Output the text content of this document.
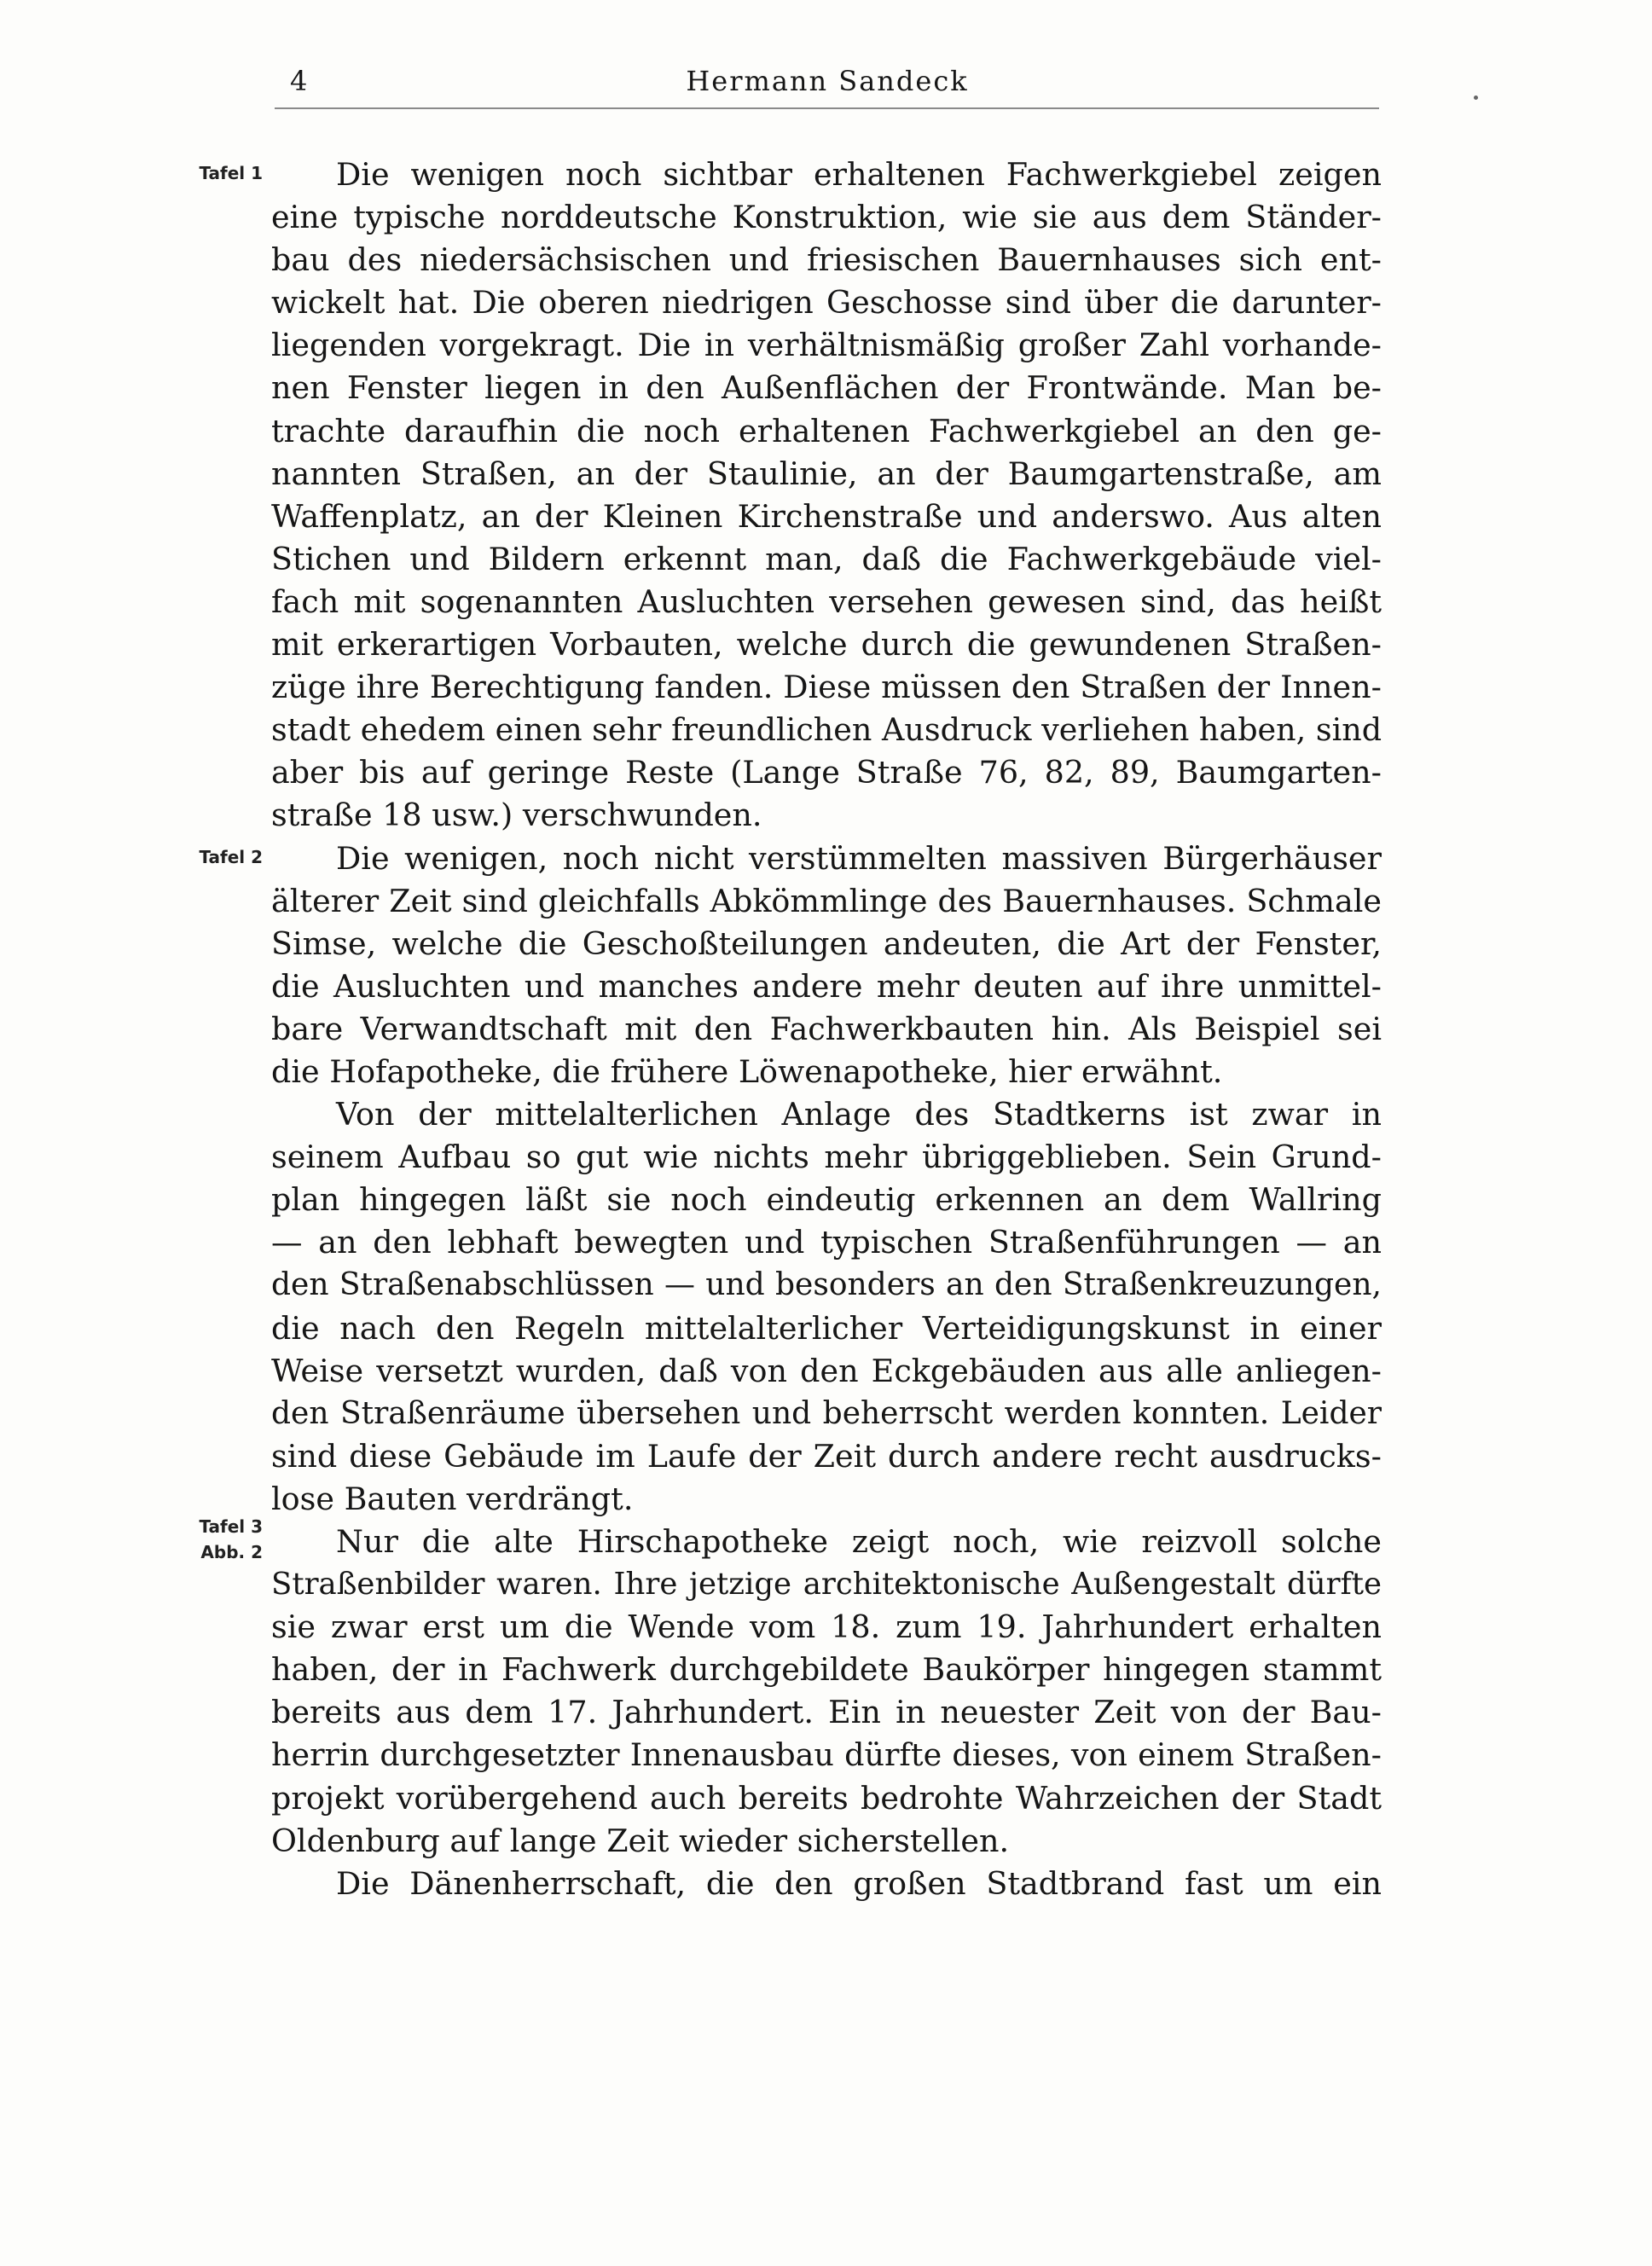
4	Hermann Sandeck
Tafel 1
Tafel 2
Tafel 3
Abb. 2
Die wenigen noch sichtbar erhaltenen Fachwerkgiebel zeigen
eine typische norddeutsche Konstruktion, wie sie aus dem Ständer-
bau des niedersächsischen und friesischen Bauernhauses sich ent-
wickelt hat. Die oberen niedrigen Geschosse sind über die darunter-
liegenden vorgekragt. Die in verhältnismäßig großer Zahl vorhande-
nen Fenster liegen in den Außenflächen der Frontwände. Man be-
trachte daraufhin die noch erhaltenen Fachwerkgiebel an den ge-
nannten Straßen, an der Staulinie, an der Baumgartenstraße, am
Waffenplatz, an der Kleinen Kirchenstraße und anderswo. Aus alten
Stichen und Bildern erkennt man, daß die Fachwerkgebäude viel-
fach mit sogenannten Ausluchten versehen gewesen sind, das heißt
mit erkerartigen Vorbauten, welche durch die gewundenen Straßen-
züge ihre Berechtigung fanden. Diese müssen den Straßen der Innen-
stadt ehedem einen sehr freundlichen Ausdruck verliehen haben, sind
aber bis auf geringe Reste (Lange Straße 76, 82, 89, Baumgarten-
straße 18 usw.) verschwunden.
Die wenigen, noch nicht verstümmelten massiven Bürgerhäuser
älterer Zeit sind gleichfalls Abkömmlinge des Bauernhauses. Schmale
Simse, welche die Geschoßteilungen andeuten, die Art der Fenster,
die Ausluchten und manches andere mehr deuten auf ihre unmittel-
bare Verwandtschaft mit den Fachwerkbauten hin. Als Beispiel sei
die Hofapotheke, die frühere Löwenapotheke, hier erwähnt.
Von der mittelalterlichen Anlage des Stadtkerns ist zwar in
seinem Aufbau so gut wie nichts mehr übriggeblieben. Sein Grund-
plan hingegen läßt sie noch eindeutig erkennen an dem Wallring
— an den lebhaft bewegten und typischen Straßenführungen — an
den Straßenabschlüssen — und besonders an den Straßenkreuzungen,
die nach den Regeln mittelalterlicher Verteidigungskunst in einer
Weise versetzt wurden, daß von den Eckgebäuden aus alle anliegen-
den Straßenräume übersehen und beherrscht werden konnten. Leider
sind diese Gebäude im Laufe der Zeit durch andere recht ausdrucks-
lose Bauten verdrängt.
Nur die alte Hirschapotheke zeigt noch, wie reizvoll solche
Straßenbilder waren. Ihre jetzige architektonische Außengestalt dürfte
sie zwar erst um die Wende vom 18. zum 19. Jahrhundert erhalten
haben, der in Fachwerk durchgebildete Baukörper hingegen stammt
bereits aus dem 17. Jahrhundert. Ein in neuester Zeit von der Bau-
herrin durchgesetzter Innenausbau dürfte dieses, von einem Straßen-
projekt vorübergehend auch bereits bedrohte Wahrzeichen der Stadt
Oldenburg auf lange Zeit wieder sicherstellen.
Die Dänenherrschaft, die den großen Stadtbrand fast um ein
